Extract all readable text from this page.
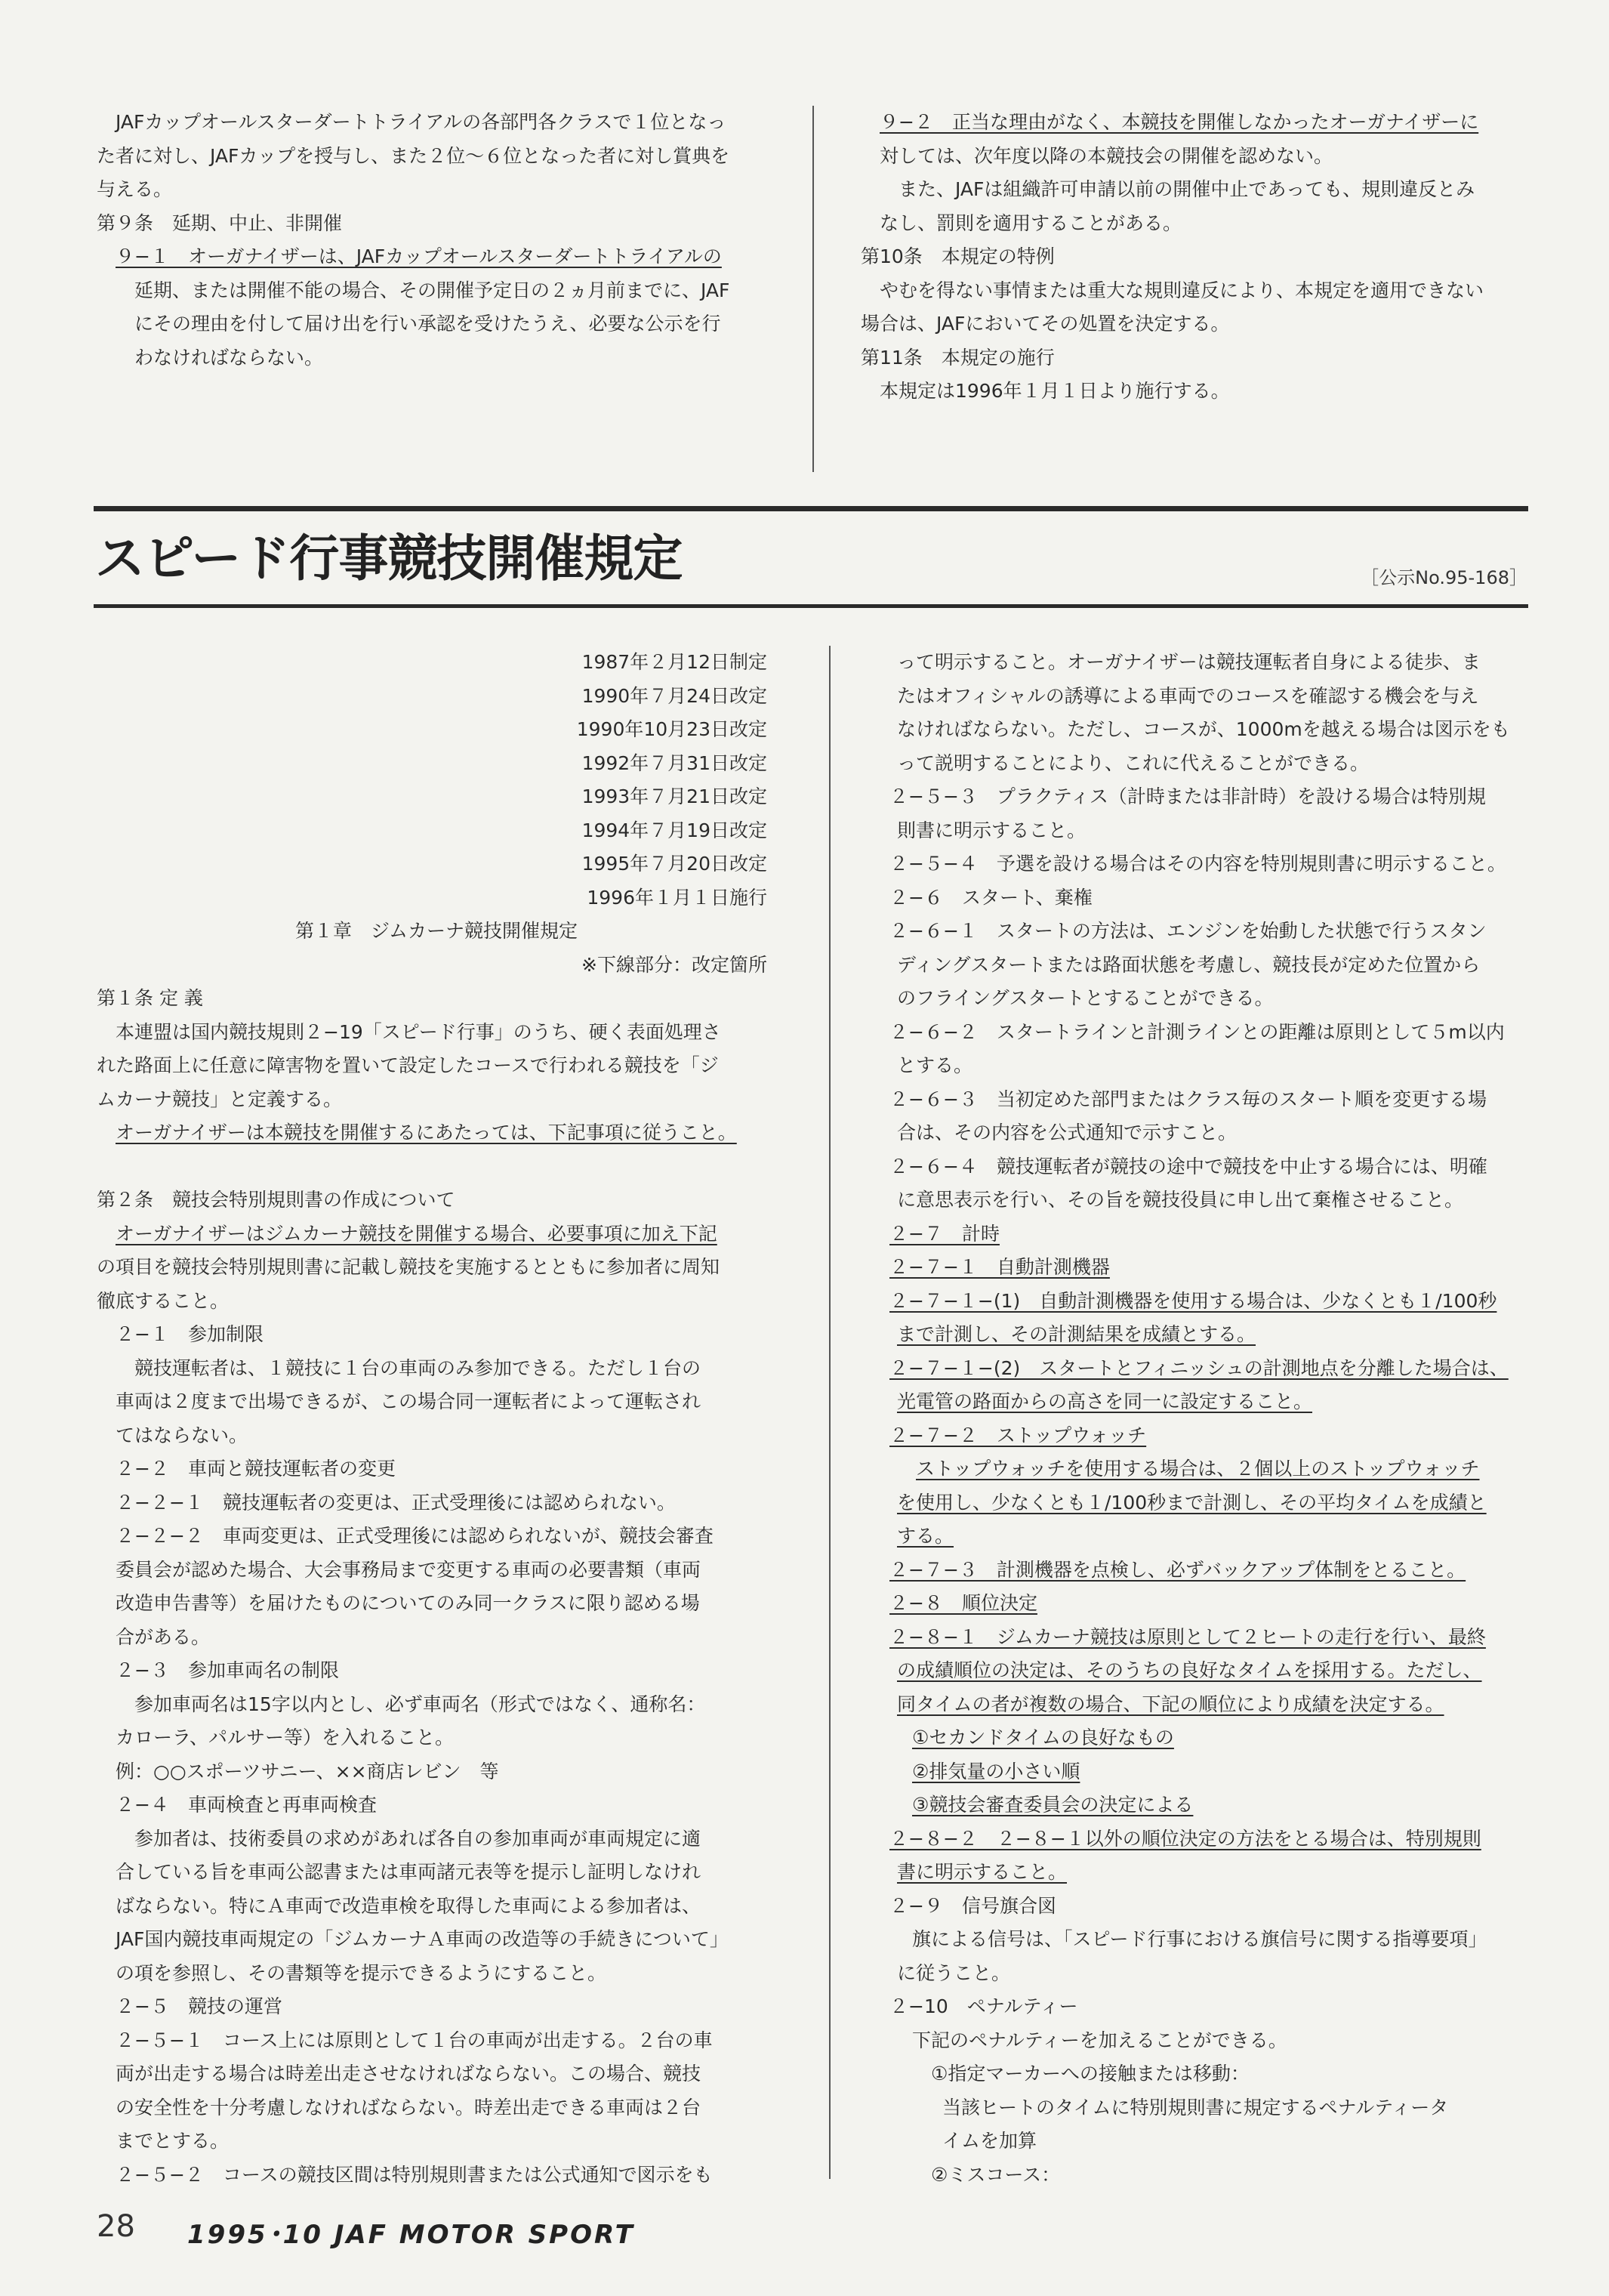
JAFカップオールスターダートトライアルの各部門各クラスで１位となっ

た者に対し、JAFカップを授与し、また２位〜６位となった者に対し賞典を

与える。

第９条　延期、中止、非開催

９−１　オーガナイザーは、JAFカップオールスターダートトライアルの

延期、または開催不能の場合、その開催予定日の２ヵ月前までに、JAF

にその理由を付して届け出を行い承認を受けたうえ、必要な公示を行

わなければならない。

９−２　正当な理由がなく、本競技を開催しなかったオーガナイザーに

対しては、次年度以降の本競技会の開催を認めない。

また、JAFは組織許可申請以前の開催中止であっても、規則違反とみ

なし、罰則を適用することがある。

第10条　本規定の特例

やむを得ない事情または重大な規則違反により、本規定を適用できない

場合は、JAFにおいてその処置を決定する。

第11条　本規定の施行

本規定は1996年１月１日より施行する。

スピード行事競技開催規定	［公示No.95-168］

1987年２月12日制定

1990年７月24日改定

1990年10月23日改定

1992年７月31日改定

1993年７月21日改定

1994年７月19日改定

1995年７月20日改定

1996年１月１日施行

第１章　ジムカーナ競技開催規定

※下線部分：改定箇所

第１条 定 義

本連盟は国内競技規則２−19「スピード行事」のうち、硬く表面処理さ

れた路面上に任意に障害物を置いて設定したコースで行われる競技を「ジ

ムカーナ競技」と定義する。

オーガナイザーは本競技を開催するにあたっては、下記事項に従うこと。

第２条　競技会特別規則書の作成について

オーガナイザーはジムカーナ競技を開催する場合、必要事項に加え下記

の項目を競技会特別規則書に記載し競技を実施するとともに参加者に周知

徹底すること。

２−１　参加制限

競技運転者は、１競技に１台の車両のみ参加できる。ただし１台の

車両は２度まで出場できるが、この場合同一運転者によって運転され

てはならない。

２−２　車両と競技運転者の変更

２−２−１　競技運転者の変更は、正式受理後には認められない。

２−２−２　車両変更は、正式受理後には認められないが、競技会審査

委員会が認めた場合、大会事務局まで変更する車両の必要書類（車両

改造申告書等）を届けたものについてのみ同一クラスに限り認める場

合がある。

２−３　参加車両名の制限

参加車両名は15字以内とし、必ず車両名（形式ではなく、通称名：

カローラ、パルサー等）を入れること。

例：○○スポーツサニー、××商店レビン　等

２−４　車両検査と再車両検査

参加者は、技術委員の求めがあれば各自の参加車両が車両規定に適

合している旨を車両公認書または車両諸元表等を提示し証明しなけれ

ばならない。特にＡ車両で改造車検を取得した車両による参加者は、

JAF国内競技車両規定の「ジムカーナＡ車両の改造等の手続きについて」

の項を参照し、その書類等を提示できるようにすること。

２−５　競技の運営

２−５−１　コース上には原則として１台の車両が出走する。２台の車

両が出走する場合は時差出走させなければならない。この場合、競技

の安全性を十分考慮しなければならない。時差出走できる車両は２台

までとする。

２−５−２　コースの競技区間は特別規則書または公式通知で図示をも

って明示すること。オーガナイザーは競技運転者自身による徒歩、ま

たはオフィシャルの誘導による車両でのコースを確認する機会を与え

なければならない。ただし、コースが、1000mを越える場合は図示をも

って説明することにより、これに代えることができる。

２−５−３　プラクティス（計時または非計時）を設ける場合は特別規

則書に明示すること。

２−５−４　予選を設ける場合はその内容を特別規則書に明示すること。

２−６　スタート、棄権

２−６−１　スタートの方法は、エンジンを始動した状態で行うスタン

ディングスタートまたは路面状態を考慮し、競技長が定めた位置から

のフライングスタートとすることができる。

２−６−２　スタートラインと計測ラインとの距離は原則として５m以内

とする。

２−６−３　当初定めた部門またはクラス毎のスタート順を変更する場

合は、その内容を公式通知で示すこと。

２−６−４　競技運転者が競技の途中で競技を中止する場合には、明確

に意思表示を行い、その旨を競技役員に申し出て棄権させること。

２−７　計時

２−７−１　自動計測機器

２−７−１−(1)　自動計測機器を使用する場合は、少なくとも１/100秒

まで計測し、その計測結果を成績とする。

２−７−１−(2)　スタートとフィニッシュの計測地点を分離した場合は、

光電管の路面からの高さを同一に設定すること。

２−７−２　ストップウォッチ

ストップウォッチを使用する場合は、２個以上のストップウォッチ

を使用し、少なくとも１/100秒まで計測し、その平均タイムを成績と

する。

２−７−３　計測機器を点検し、必ずバックアップ体制をとること。

２−８　順位決定

２−８−１　ジムカーナ競技は原則として２ヒートの走行を行い、最終

の成績順位の決定は、そのうちの良好なタイムを採用する。ただし、

同タイムの者が複数の場合、下記の順位により成績を決定する。

①セカンドタイムの良好なもの

②排気量の小さい順

③競技会審査委員会の決定による

２−８−２　２−８−１以外の順位決定の方法をとる場合は、特別規則

書に明示すること。

２−９　信号旗合図

旗による信号は、「スピード行事における旗信号に関する指導要項」

に従うこと。

２−10　ペナルティー

下記のペナルティーを加えることができる。

①指定マーカーへの接触または移動：

当該ヒートのタイムに特別規則書に規定するペナルティータ

イムを加算

②ミスコース：

28 1995･10 JAF MOTOR SPORT
